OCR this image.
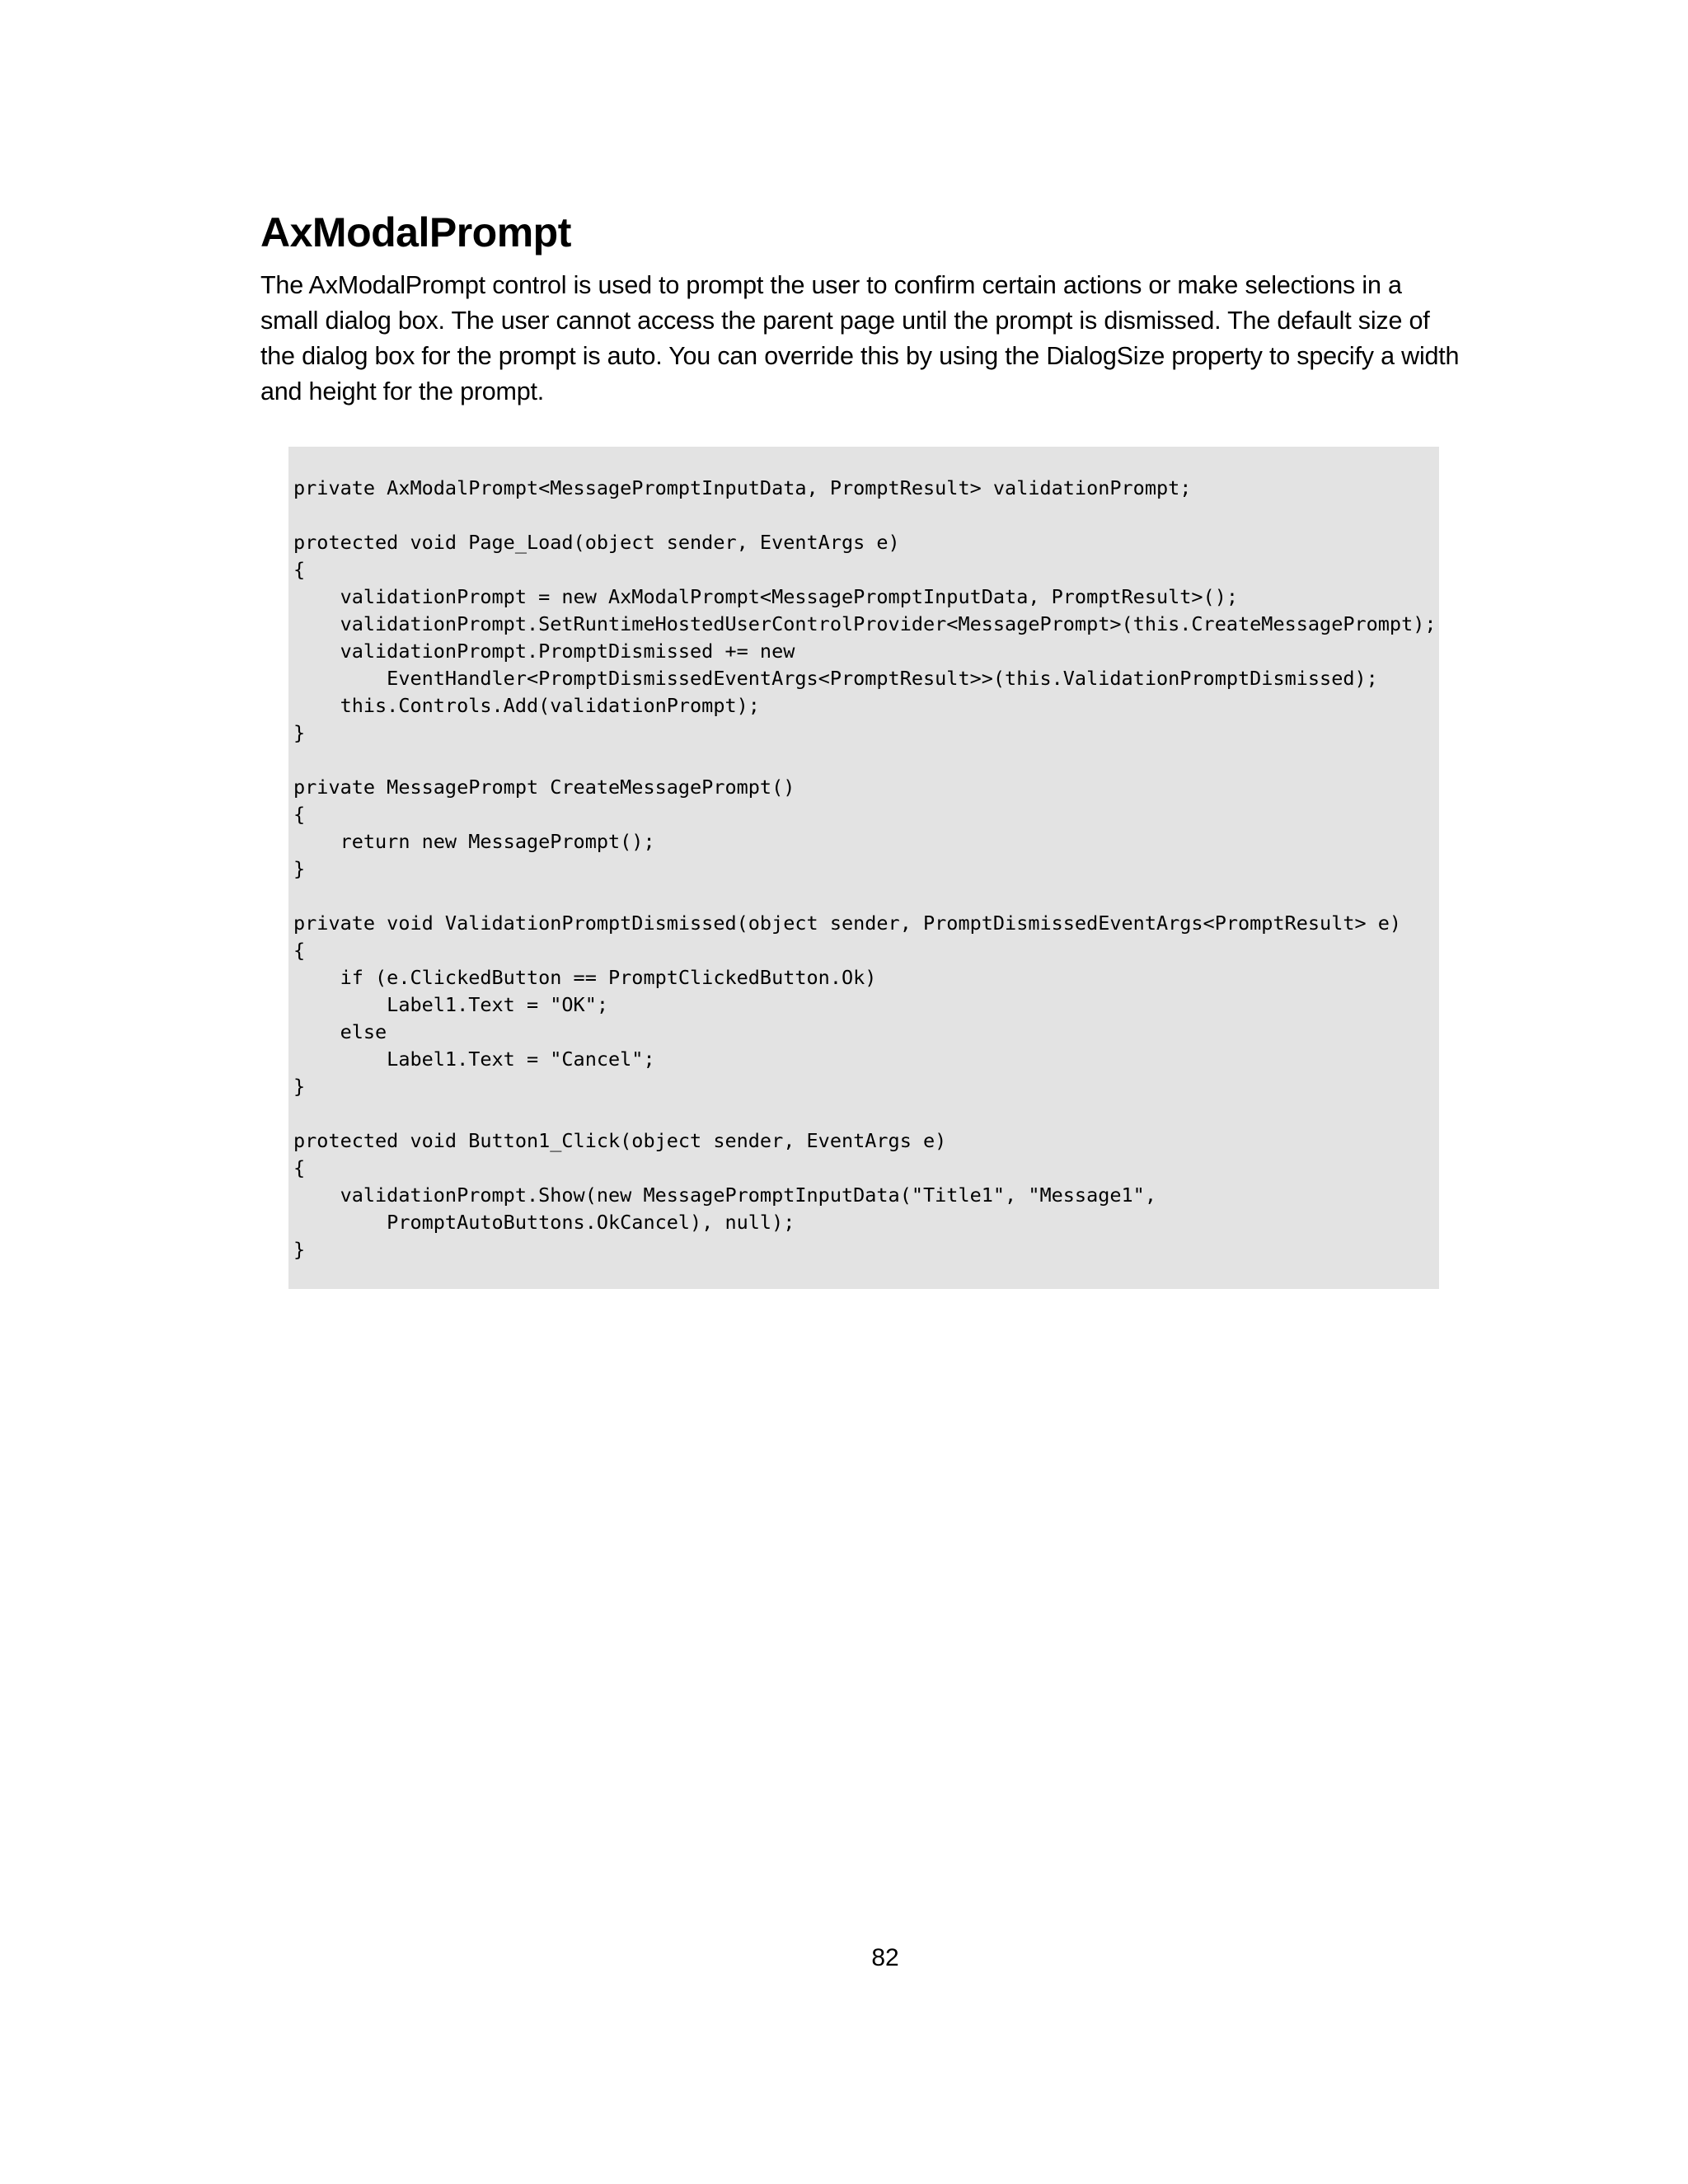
AxModalPrompt

The AxModalPrompt control is used to prompt the user to confirm certain actions or make selections in a small dialog box. The user cannot access the parent page until the prompt is dismissed. The default size of the dialog box for the prompt is auto. You can override this by using the DialogSize property to specify a width and height for the prompt.

private AxModalPrompt<MessagePromptInputData, PromptResult> validationPrompt;
protected void Page_Load(object sender, EventArgs e)
{
validationPrompt = new AxModalPrompt<MessagePromptInputData, PromptResult>();
validationPrompt.SetRuntimeHostedUserControlProvider<MessagePrompt>(this.CreateMessagePrompt);
validationPrompt.PromptDismissed += new
EventHandler<PromptDismissedEventArgs<PromptResult>>(this.ValidationPromptDismissed);
this.Controls.Add(validationPrompt);
}
private MessagePrompt CreateMessagePrompt()
{
return new MessagePrompt();
}
private void ValidationPromptDismissed(object sender, PromptDismissedEventArgs<PromptResult> e)
{
if (e.ClickedButton == PromptClickedButton.Ok)
Label1.Text = "OK";
else
Label1.Text = "Cancel";
}
protected void Button1_Click(object sender, EventArgs e)
{
validationPrompt.Show(new MessagePromptInputData("Title1", "Message1",
PromptAutoButtons.OkCancel), null);
}
82
